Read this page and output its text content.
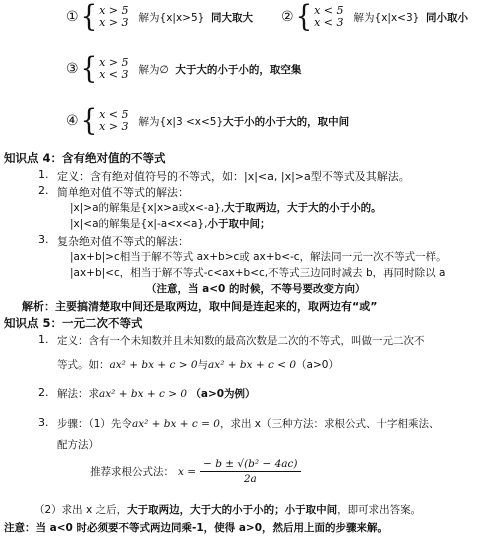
① { x > 5
x > 3 解为{x|x>5} 同大取大 ② { x < 5
x < 3 解为{x|x<3} 同小取小
③ { x > 5
x < 3 解为∅ 大于大的小于小的，取空集
④ { x < 5
x > 3 解为{x|3 <x<5}大于小的小于大的，取中间
知识点 4：含有绝对值的不等式
1. 定义：含有绝对值符号的不等式，如：|x|<a, |x|>a型不等式及其解法。
2. 简单绝对值不等式的解法：
|x|>a的解集是{x|x>a或x<-a},大于取两边，大于大的小于小的。
|x|<a的解集是{x|-a<x<a},小于取中间；
3. 复杂绝对值不等式的解法：
|ax+b|>c相当于解不等式 ax+b>c或 ax+b<-c，解法同一元一次不等式一样。
|ax+b|<c，相当于解不等式-c<ax+b<c,不等式三边同时减去 b，再同时除以 a
（注意，当 a<0 的时候，不等号要改变方向）
解析：主要搞清楚取中间还是取两边，取中间是连起来的，取两边有“或”
知识点 5：一元二次不等式
1. 定义：含有一个未知数并且未知数的最高次数是二次的不等式，叫做一元二次不
等式。如：ax² + bx + c > 0与ax² + bx + c < 0（a>0）
2. 解法：求ax² + bx + c > 0 （a>0为例）
3. 步骤：（1）先令ax² + bx + c = 0，求出 x（三种方法：求根公式、十字相乘法、
配方法）
推荐求根公式法： $x = \frac{\text{− b ± √(b² − 4ac)}}{2a}$
（2）求出 x 之后，大于取两边，大于大的小于小的；小于取中间，即可求出答案。
注意：当 a<0 时必须要不等式两边同乘-1，使得 a>0，然后用上面的步骤来解。
